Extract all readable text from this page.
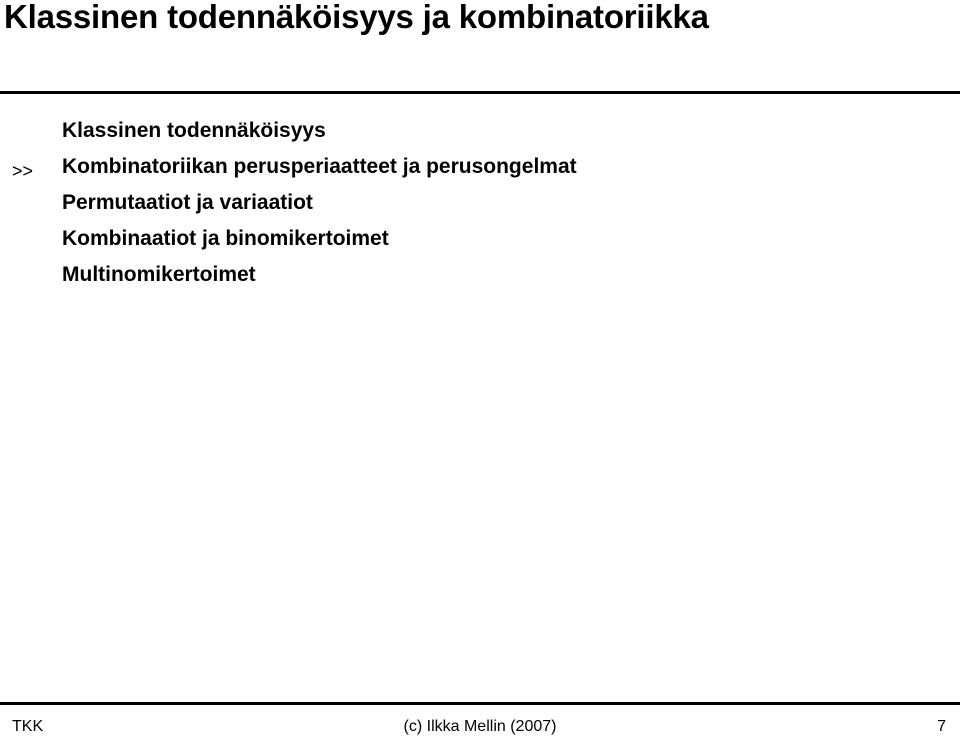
Klassinen todennäköisyys ja kombinatoriikka
Klassinen todennäköisyys
>>	Kombinatoriikan perusperiaatteet ja perusongelmat
Permutaatiot ja variaatiot
Kombinaatiot ja binomikertoimet
Multinomikertoimet
(c) Ilkka Mellin (2007)
TKK	7
